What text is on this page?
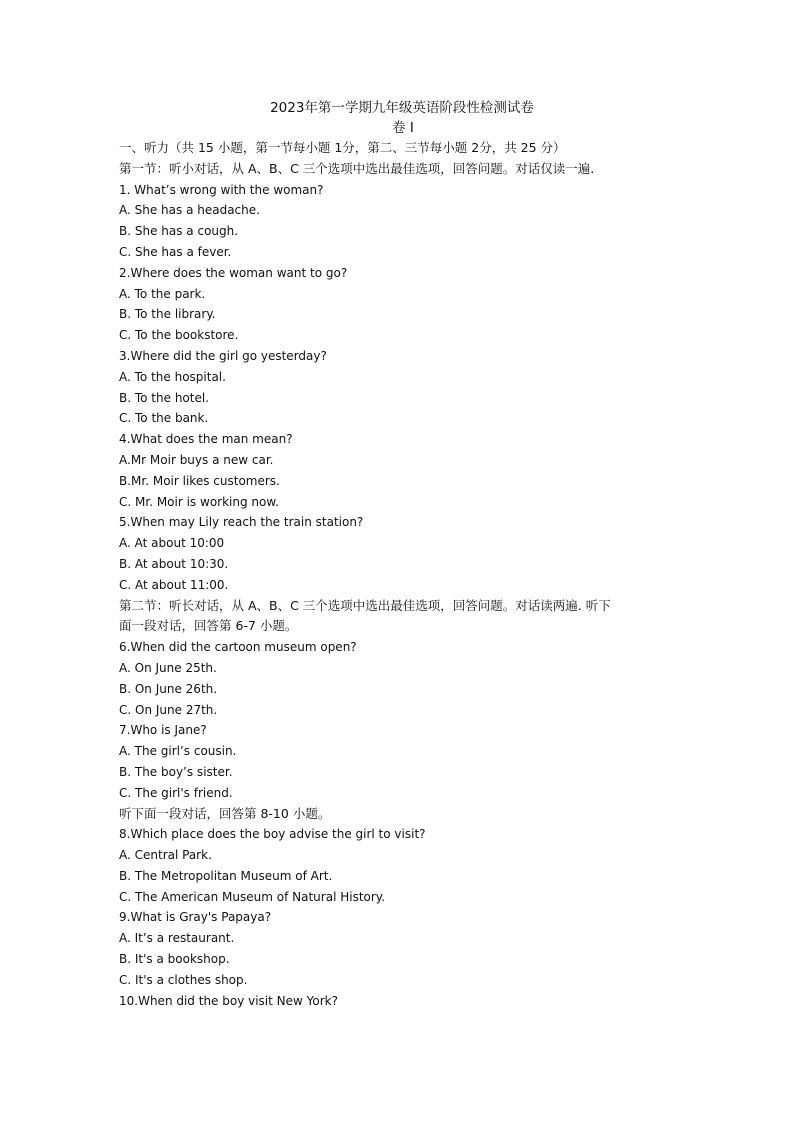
2023年第一学期九年级英语阶段性检测试卷
卷 I
一、听力（共 15 小题，第一节每小题 1分，第二、三节每小题 2分，共 25 分）
第一节：听小对话，从 A、B、C 三个选项中选出最佳选项，回答问题。对话仅读一遍.
1. What’s wrong with the woman?
A. She has a headache.
B. She has a cough.
C. She has a fever.
2.Where does the woman want to go?
A. To the park.
B. To the library.
C. To the bookstore.
3.Where did the girl go yesterday?
A. To the hospital.
B. To the hotel.
C. To the bank.
4.What does the man mean?
A.Mr Moir buys a new car.
B.Mr. Moir likes customers.
C. Mr. Moir is working now.
5.When may Lily reach the train station?
A. At about 10:00
B. At about 10:30.
C. At about 11:00.
第二节：听长对话，从 A、B、C 三个选项中选出最佳选项，回答问题。对话读两遍. 听下
面一段对话，回答第 6-7 小题。
6.When did the cartoon museum open?
A. On June 25th.
B. On June 26th.
C. On June 27th.
7.Who is Jane?
A. The girl’s cousin.
B. The boy’s sister.
C. The girl's friend.
听下面一段对话，回答第 8-10 小题。
8.Which place does the boy advise the girl to visit?
A. Central Park.
B. The Metropolitan Museum of Art.
C. The American Museum of Natural History.
9.What is Gray's Papaya?
A. It’s a restaurant.
B. It's a bookshop.
C. It's a clothes shop.
10.When did the boy visit New York?
